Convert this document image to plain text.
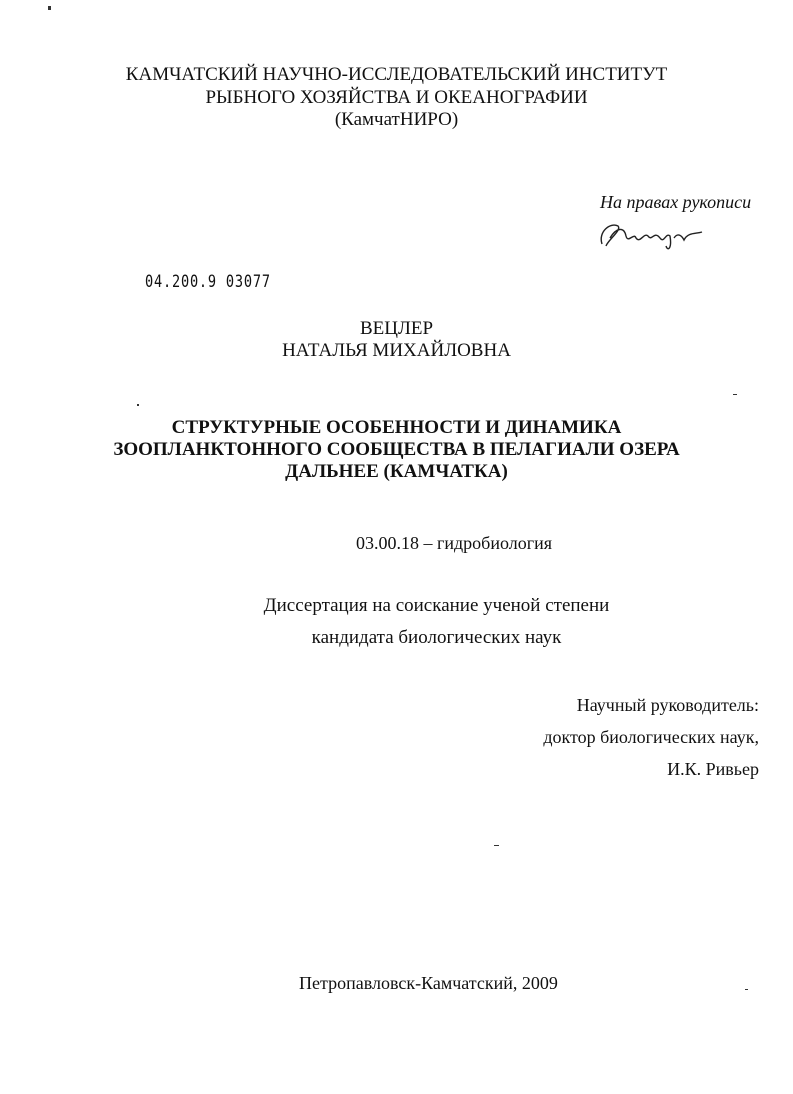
КАМЧАТСКИЙ НАУЧНО-ИССЛЕДОВАТЕЛЬСКИЙ ИНСТИТУТ
РЫБНОГО ХОЗЯЙСТВА И ОКЕАНОГРАФИИ
(КамчатНИРО)
На правах рукописи
04.200.9 03077
ВЕЦЛЕР
НАТАЛЬЯ МИХАЙЛОВНА
СТРУКТУРНЫЕ ОСОБЕННОСТИ И ДИНАМИКА
ЗООПЛАНКТОННОГО СООБЩЕСТВА В ПЕЛАГИАЛИ ОЗЕРА
ДАЛЬНЕЕ (КАМЧАТКА)
03.00.18 – гидробиология
Диссертация на соискание ученой степени
кандидата биологических наук
Научный руководитель:
доктор биологических наук,
И.К. Ривьер
Петропавловск-Камчатский, 2009
